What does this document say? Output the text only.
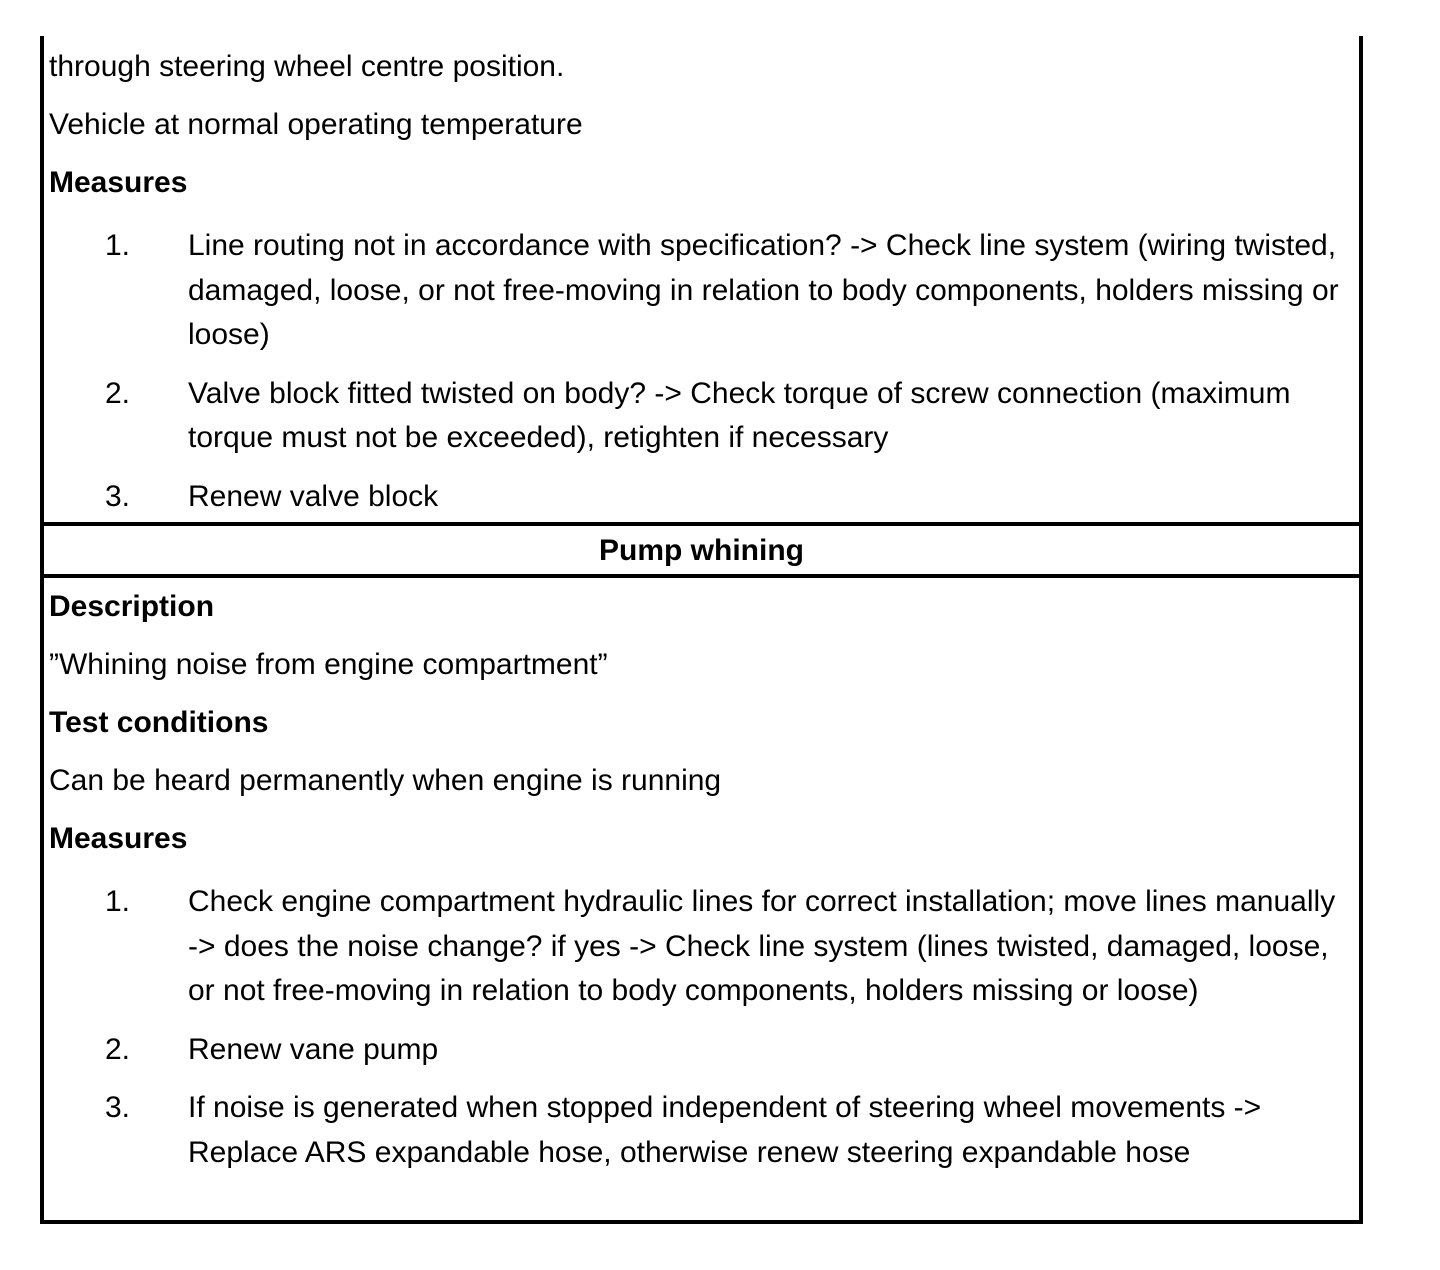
through steering wheel centre position.
Vehicle at normal operating temperature
Measures
1.	Line routing not in accordance with specification? -> Check line system (wiring twisted, damaged, loose, or not free-moving in relation to body components, holders missing or loose)
2.	Valve block fitted twisted on body? -> Check torque of screw connection (maximum torque must not be exceeded), retighten if necessary
3.	Renew valve block
Pump whining
Description
”Whining noise from engine compartment”
Test conditions
Can be heard permanently when engine is running
Measures
1.	Check engine compartment hydraulic lines for correct installation; move lines manually -> does the noise change? if yes -> Check line system (lines twisted, damaged, loose, or not free-moving in relation to body components, holders missing or loose)
2.	Renew vane pump
3.	If noise is generated when stopped independent of steering wheel movements -> Replace ARS expandable hose, otherwise renew steering expandable hose
